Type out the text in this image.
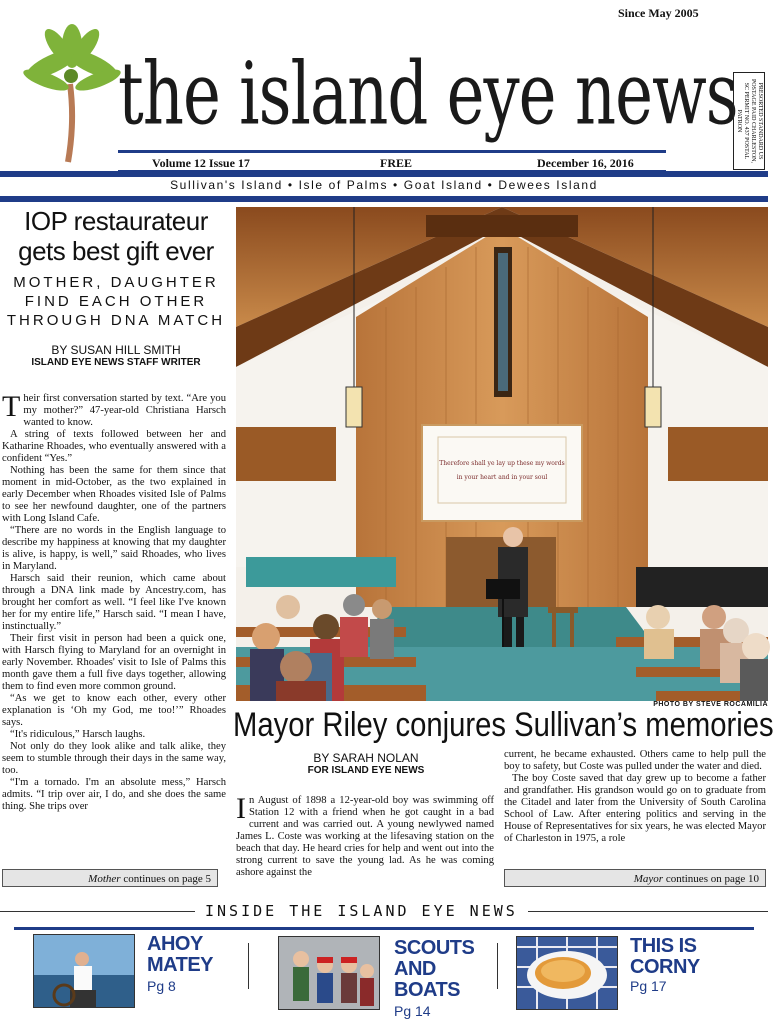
Since May 2005
the island eye news	PRESORTED STANDARD US POSTAGE PAID CHARLESTON, SC PERMIT NO. 437 POSTAL PATRON
Volume 12 Issue 17	FREE	December 16, 2016
Sullivan's Island • Isle of Palms • Goat Island • Dewees Island
IOP restaurateur gets best gift ever
MOTHER, DAUGHTER FIND EACH OTHER THROUGH DNA MATCH
BY SUSAN HILL SMITH
ISLAND EYE NEWS STAFF WRITER

Their first conversation started by text. “Are you my mother?” 47-year-old Christiana Harsch wanted to know.

A string of texts followed between her and Katharine Rhoades, who eventually answered with a confident “Yes.”

Nothing has been the same for them since that moment in mid-October, as the two explained in early December when Rhoades visited Isle of Palms to see her newfound daughter, one of the partners with Long Island Cafe.

“There are no words in the English language to describe my happiness at knowing that my daughter is alive, is happy, is well,” said Rhoades, who lives in Maryland.

Harsch said their reunion, which came about through a DNA link made by Ancestry.com, has brought her comfort as well. “I feel like I've known her for my entire life,” Harsch said. “I mean I have, instinctually.”

Their first visit in person had been a quick one, with Harsch flying to Maryland for an overnight in early November. Rhoades' visit to Isle of Palms this month gave them a full five days together, allowing them to find even more common ground.

“As we get to know each other, every other explanation is ‘Oh my God, me too!’” Rhoades says.

“It's ridiculous,” Harsch laughs.

Not only do they look alike and talk alike, they seem to stumble through their days in the same way, too.

“I'm a tornado. I'm an absolute mess,” Harsch admits. “I trip over air, I do, and she does the same thing. She trips over

Mother continues on page 5
Therefore shall ye lay up these my words
in your heart and in your soul
PHOTO BY STEVE ROCAMILIA
Mayor Riley conjures Sullivan’s memories
BY SARAH NOLAN
FOR ISLAND EYE NEWS

In August of 1898 a 12-year-old boy was swimming off Station 12 with a friend when he got caught in a bad current and was carried out. A young newlywed named James L. Coste was working at the lifesaving station on the beach that day. He heard cries for help and went out into the strong current to save the young lad. As he was coming ashore against the

current, he became exhausted. Others came to help pull the boy to safety, but Coste was pulled under the water and died.

The boy Coste saved that day grew up to become a father and grandfather. His grandson would go on to graduate from the Citadel and later from the University of South Carolina School of Law. After entering politics and serving in the House of Representatives for six years, he was elected Mayor of Charleston in 1975, a role

Mayor continues on page 10
INSIDE THE ISLAND EYE NEWS
AHOY
MATEY
Pg 8
SCOUTS
AND
BOATS
Pg 14
THIS IS
CORNY
Pg 17
